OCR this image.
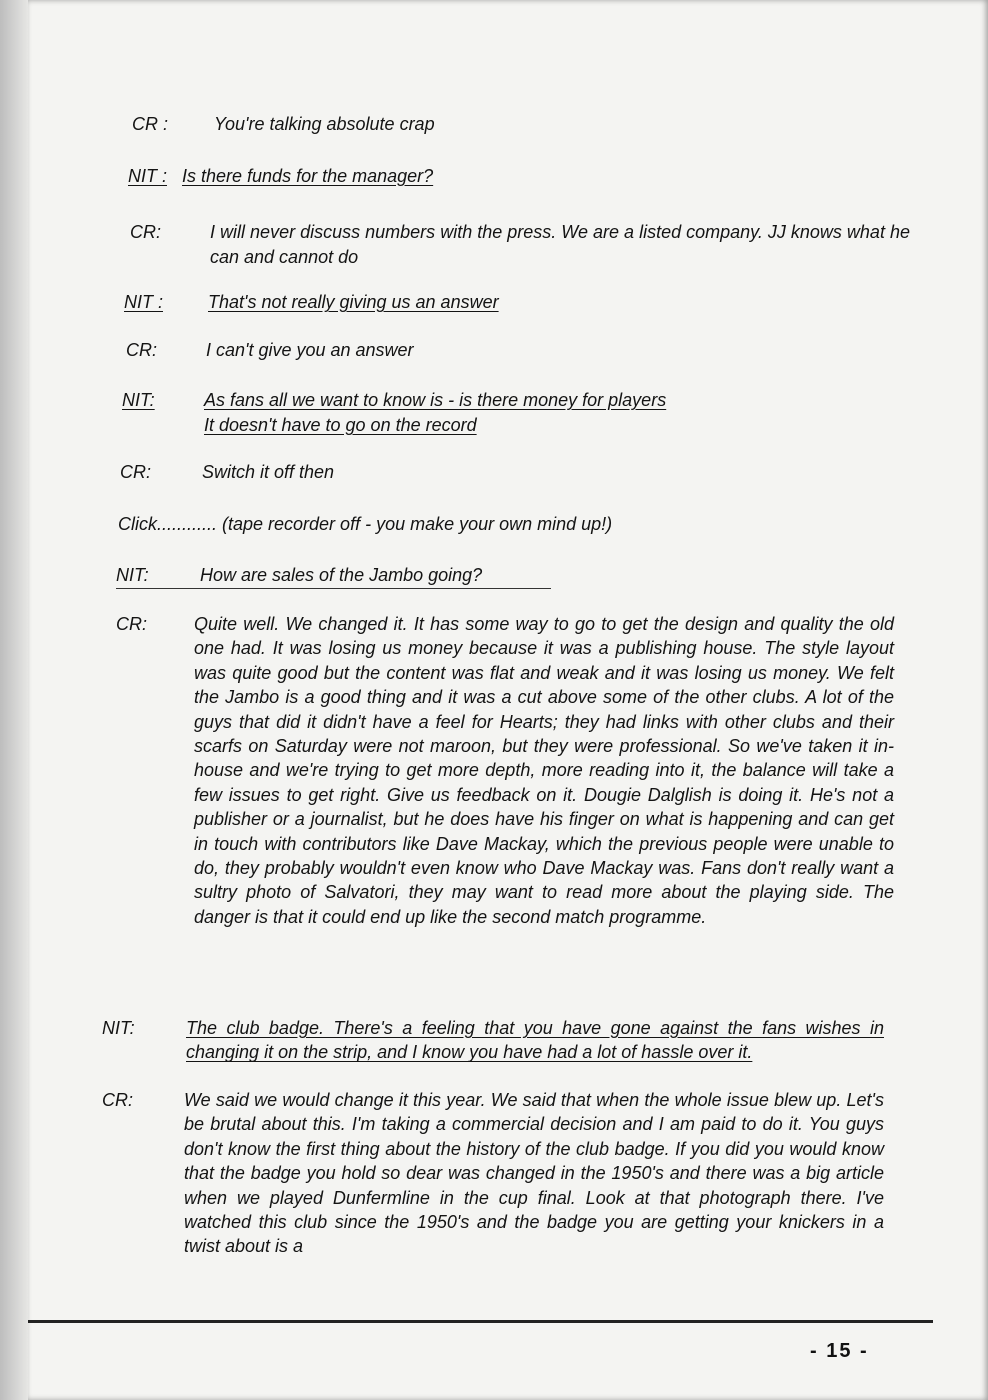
CR :	You're talking absolute crap
NIT : Is there funds for the manager?
CR:	I will never discuss numbers with the press. We are a listed company. JJ knows what he can and cannot do
NIT :	That's not really giving us an answer
CR:	I can't give you an answer
NIT:	As fans all we want to know is - is there money for players
It doesn't have to go on the record
CR:	Switch it off then
Click............ (tape recorder off - you make your own mind up!)
NIT:	How are sales of the Jambo going?
CR:	Quite well. We changed it. It has some way to go to get the design and quality the old one had. It was losing us money because it was a publishing house. The style layout was quite good but the content was flat and weak and it was losing us money. We felt the Jambo is a good thing and it was a cut above some of the other clubs. A lot of the guys that did it didn't have a feel for Hearts; they had links with other clubs and their scarfs on Saturday were not maroon, but they were professional. So we've taken it in-house and we're trying to get more depth, more reading into it, the balance will take a few issues to get right. Give us feedback on it. Dougie Dalglish is doing it. He's not a publisher or a journalist, but he does have his finger on what is happening and can get in touch with contributors like Dave Mackay, which the previous people were unable to do, they probably wouldn't even know who Dave Mackay was. Fans don't really want a sultry photo of Salvatori, they may want to read more about the playing side. The danger is that it could end up like the second match programme.

NIT:	The club badge. There's a feeling that you have gone against the fans wishes in changing it on the strip, and I know you have had a lot of hassle over it.

CR:	We said we would change it this year. We said that when the whole issue blew up. Let's be brutal about this. I'm taking a commercial decision and I am paid to do it. You guys don't know the first thing about the history of the club badge. If you did you would know that the badge you hold so dear was changed in the 1950's and there was a big article when we played Dunfermline in the cup final. Look at that photograph there. I've watched this club since the 1950's and the badge you are getting your knickers in a twist about is a

- 15 -
